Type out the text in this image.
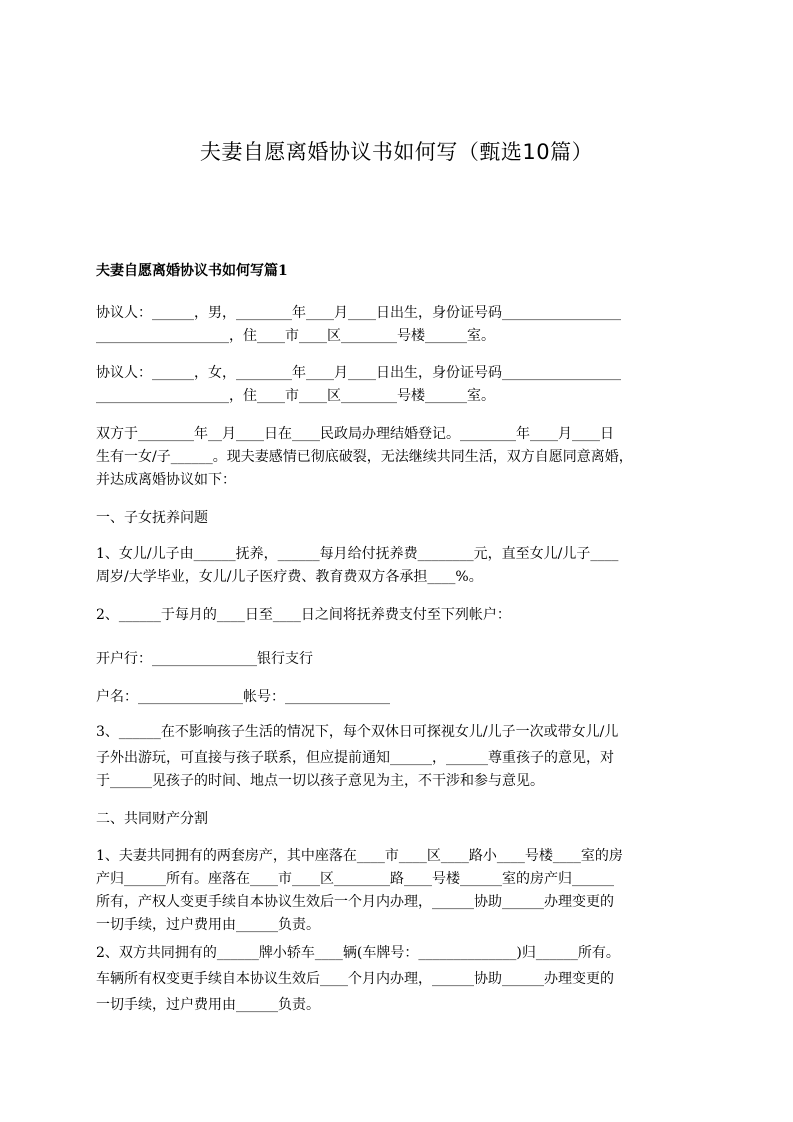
夫妻自愿离婚协议书如何写（甄选10篇）
夫妻自愿离婚协议书如何写篇1
协议人：______，男，________年____月____日出生，身份证号码_________________
___________________，住____市____区________号楼______室。
协议人：______，女，________年____月____日出生，身份证号码_________________
___________________，住____市____区________号楼______室。
双方于________年__月____日在____民政局办理结婚登记。________年____月____日
生有一女/子______。现夫妻感情已彻底破裂，无法继续共同生活，双方自愿同意离婚，
并达成离婚协议如下：
一、子女抚养问题
1、女儿/儿子由______抚养，______每月给付抚养费________元，直至女儿/儿子____
周岁/大学毕业，女儿/儿子医疗费、教育费双方各承担____%。
2、______于每月的____日至____日之间将抚养费支付至下列帐户：
开户行：_______________银行支行
户名：_______________帐号：_______________
3、______在不影响孩子生活的情况下，每个双休日可探视女儿/儿子一次或带女儿/儿
子外出游玩，可直接与孩子联系，但应提前通知______，______尊重孩子的意见，对
于______见孩子的时间、地点一切以孩子意见为主，不干涉和参与意见。
二、共同财产分割
1、夫妻共同拥有的两套房产，其中座落在____市____区____路小____号楼____室的房
产归______所有。座落在____市____区________路____号楼______室的房产归______
所有，产权人变更手续自本协议生效后一个月内办理，______协助______办理变更的
一切手续，过户费用由______负责。
2、双方共同拥有的______牌小轿车____辆(车牌号：______________)归______所有。
车辆所有权变更手续自本协议生效后____个月内办理，______协助______办理变更的
一切手续，过户费用由______负责。
